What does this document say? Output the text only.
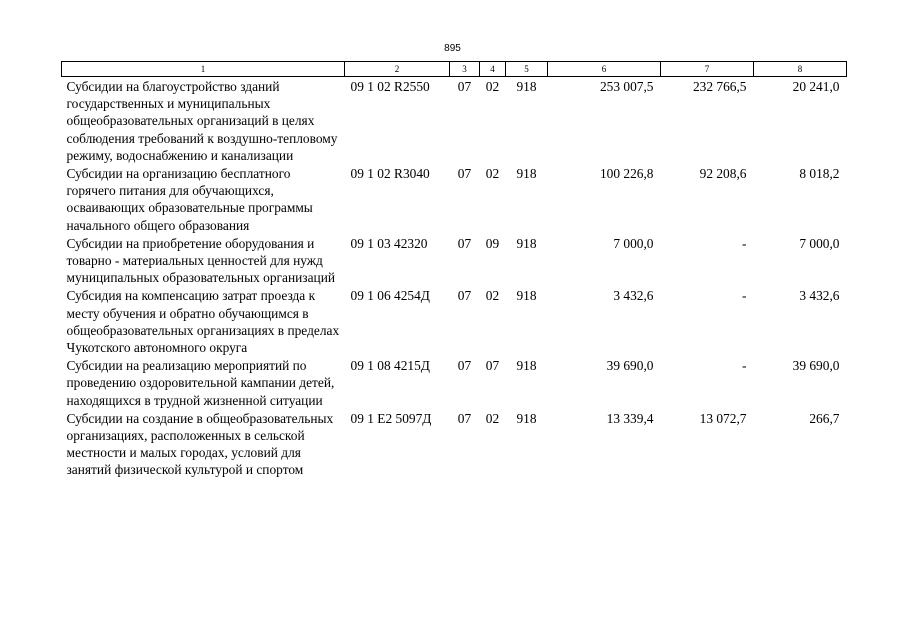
895
1	2	3	4	5	6	7	8
Субсидии на благоустройство зданий государственных и муниципальных общеобразовательных организаций в целях соблюдения требований к воздушно-тепловому режиму, водоснабжению и канализации	09 1 02 R2550	07	02	918	253 007,5	232 766,5	20 241,0
Субсидии на организацию бесплатного горячего питания для обучающихся, осваивающих образовательные программы начального общего образования	09 1 02 R3040	07	02	918	100 226,8	92 208,6	8 018,2
Субсидии на приобретение оборудования и товарно - материальных ценностей для нужд муниципальных образовательных организаций	09 1 03 42320	07	09	918	7 000,0	-	7 000,0
Субсидия на компенсацию затрат проезда к месту обучения и обратно обучающимся в общеобразовательных организациях в пределах Чукотского автономного округа	09 1 06 4254Д	07	02	918	3 432,6	-	3 432,6
Субсидии на реализацию мероприятий по проведению оздоровительной кампании детей, находящихся в трудной жизненной ситуации	09 1 08 4215Д	07	07	918	39 690,0	-	39 690,0
Субсидии на создание в общеобразовательных организациях, расположенных в сельской местности и малых городах, условий для занятий физической культурой и спортом	09 1 E2 5097Д	07	02	918	13 339,4	13 072,7	266,7
